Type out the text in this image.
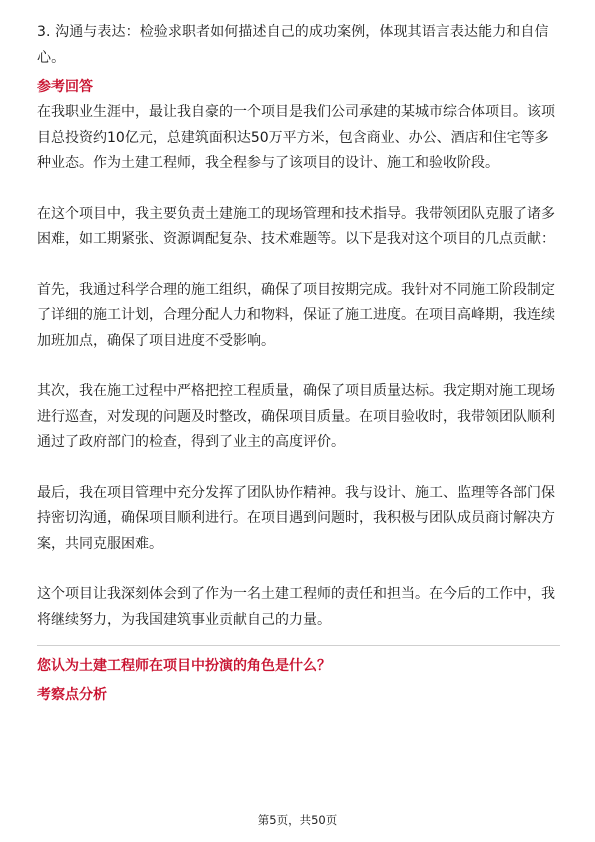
3. 沟通与表达：检验求职者如何描述自己的成功案例，体现其语言表达能力和自信心。

参考回答

在我职业生涯中，最让我自豪的一个项目是我们公司承建的某城市综合体项目。该项目总投资约10亿元，总建筑面积达50万平方米，包含商业、办公、酒店和住宅等多种业态。作为土建工程师，我全程参与了该项目的设计、施工和验收阶段。

在这个项目中，我主要负责土建施工的现场管理和技术指导。我带领团队克服了诸多困难，如工期紧张、资源调配复杂、技术难题等。以下是我对这个项目的几点贡献：

首先，我通过科学合理的施工组织，确保了项目按期完成。我针对不同施工阶段制定了详细的施工计划，合理分配人力和物料，保证了施工进度。在项目高峰期，我连续加班加点，确保了项目进度不受影响。

其次，我在施工过程中严格把控工程质量，确保了项目质量达标。我定期对施工现场进行巡查，对发现的问题及时整改，确保项目质量。在项目验收时，我带领团队顺利通过了政府部门的检查，得到了业主的高度评价。

最后，我在项目管理中充分发挥了团队协作精神。我与设计、施工、监理等各部门保持密切沟通，确保项目顺利进行。在项目遇到问题时，我积极与团队成员商讨解决方案，共同克服困难。

这个项目让我深刻体会到了作为一名土建工程师的责任和担当。在今后的工作中，我将继续努力，为我国建筑事业贡献自己的力量。

您认为土建工程师在项目中扮演的角色是什么？

考察点分析

第5页，共50页
